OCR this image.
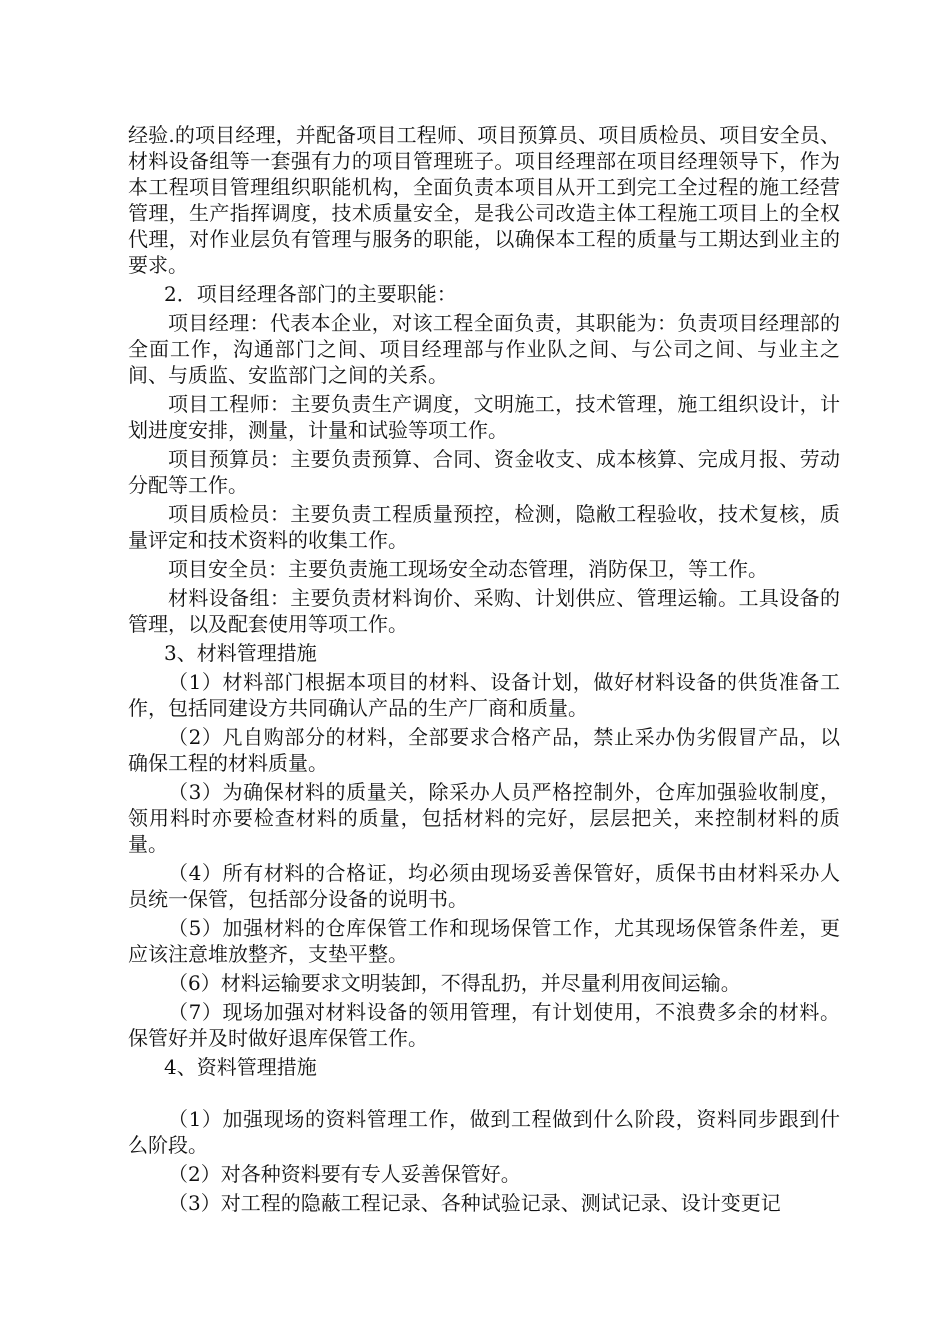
经验.的项目经理，并配备项目工程师、项目预算员、项目质检员、项目安全员、材料设备组等一套强有力的项目管理班子。项目经理部在项目经理领导下，作为本工程项目管理组织职能机构，全面负责本项目从开工到完工全过程的施工经营管理，生产指挥调度，技术质量安全，是我公司改造主体工程施工项目上的全权代理，对作业层负有管理与服务的职能，以确保本工程的质量与工期达到业主的要求。

2．项目经理各部门的主要职能：

项目经理：代表本企业，对该工程全面负责，其职能为：负责项目经理部的全面工作，沟通部门之间、项目经理部与作业队之间、与公司之间、与业主之间、与质监、安监部门之间的关系。

项目工程师：主要负责生产调度，文明施工，技术管理，施工组织设计，计划进度安排，测量，计量和试验等项工作。

项目预算员：主要负责预算、合同、资金收支、成本核算、完成月报、劳动分配等工作。

项目质检员：主要负责工程质量预控，检测，隐敝工程验收，技术复核，质量评定和技术资料的收集工作。

项目安全员：主要负责施工现场安全动态管理，消防保卫，等工作。

材料设备组：主要负责材料询价、采购、计划供应、管理运输。工具设备的管理，以及配套使用等项工作。

3、材料管理措施

（1）材料部门根据本项目的材料、设备计划，做好材料设备的供货准备工作，包括同建设方共同确认产品的生产厂商和质量。

（2）凡自购部分的材料，全部要求合格产品，禁止采办伪劣假冒产品，以确保工程的材料质量。

（3）为确保材料的质量关，除采办人员严格控制外，仓库加强验收制度，领用料时亦要检查材料的质量，包括材料的完好，层层把关，来控制材料的质量。

（4）所有材料的合格证，均必须由现场妥善保管好，质保书由材料采办人员统一保管，包括部分设备的说明书。

（5）加强材料的仓库保管工作和现场保管工作，尤其现场保管条件差，更应该注意堆放整齐，支垫平整。

（6）材料运输要求文明装卸，不得乱扔，并尽量利用夜间运输。

（7）现场加强对材料设备的领用管理，有计划使用，不浪费多余的材料。保管好并及时做好退库保管工作。

4、资料管理措施

（1）加强现场的资料管理工作，做到工程做到什么阶段，资料同步跟到什么阶段。

（2）对各种资料要有专人妥善保管好。

（3）对工程的隐蔽工程记录、各种试验记录、测试记录、设计变更记
